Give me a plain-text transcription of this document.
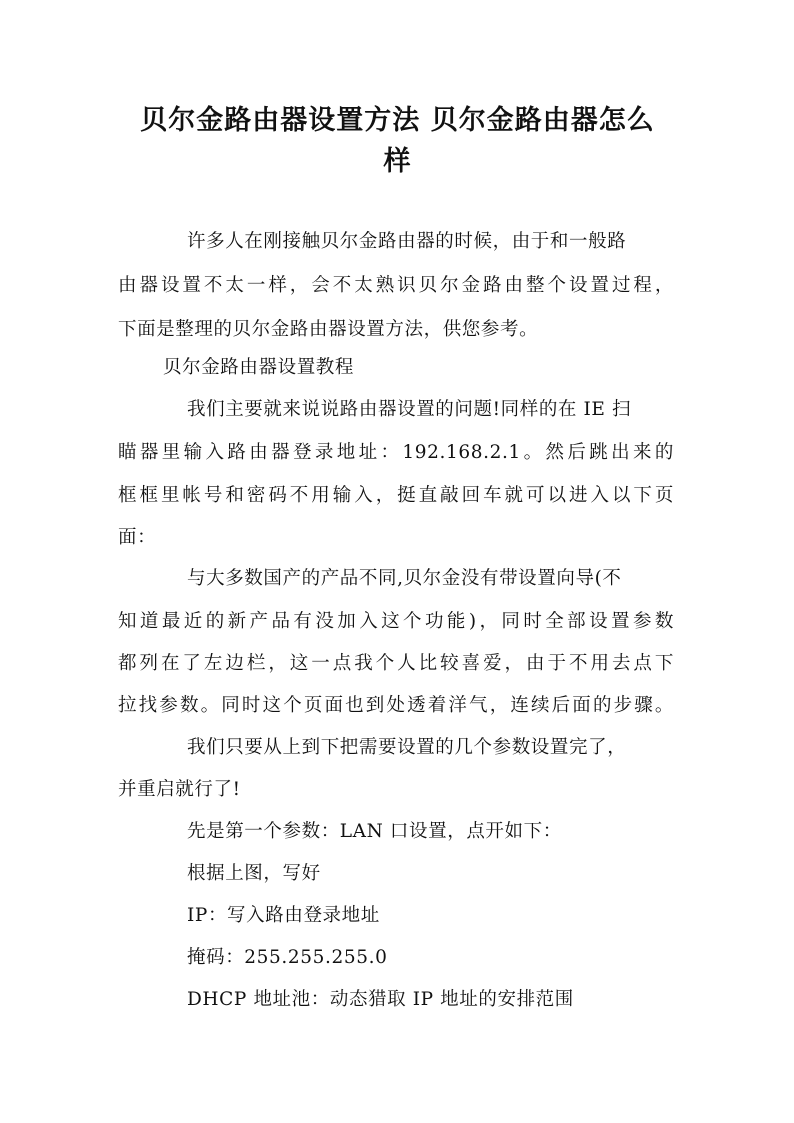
贝尔金路由器设置方法 贝尔金路由器怎么
样

许多人在刚接触贝尔金路由器的时候，由于和一般路

由器设置不太一样，会不太熟识贝尔金路由整个设置过程，

下面是整理的贝尔金路由器设置方法，供您参考。

贝尔金路由器设置教程

我们主要就来说说路由器设置的问题!同样的在 IE 扫

瞄器里输入路由器登录地址：192.168.2.1。然后跳出来的

框框里帐号和密码不用输入，挺直敲回车就可以进入以下页

面：

与大多数国产的产品不同,贝尔金没有带设置向导(不

知道最近的新产品有没加入这个功能)，同时全部设置参数

都列在了左边栏，这一点我个人比较喜爱，由于不用去点下

拉找参数。同时这个页面也到处透着洋气，连续后面的步骤。

我们只要从上到下把需要设置的几个参数设置完了，

并重启就行了!

先是第一个参数：LAN 口设置，点开如下：

根据上图，写好

IP：写入路由登录地址

掩码：255.255.255.0

DHCP 地址池：动态猎取 IP 地址的安排范围
